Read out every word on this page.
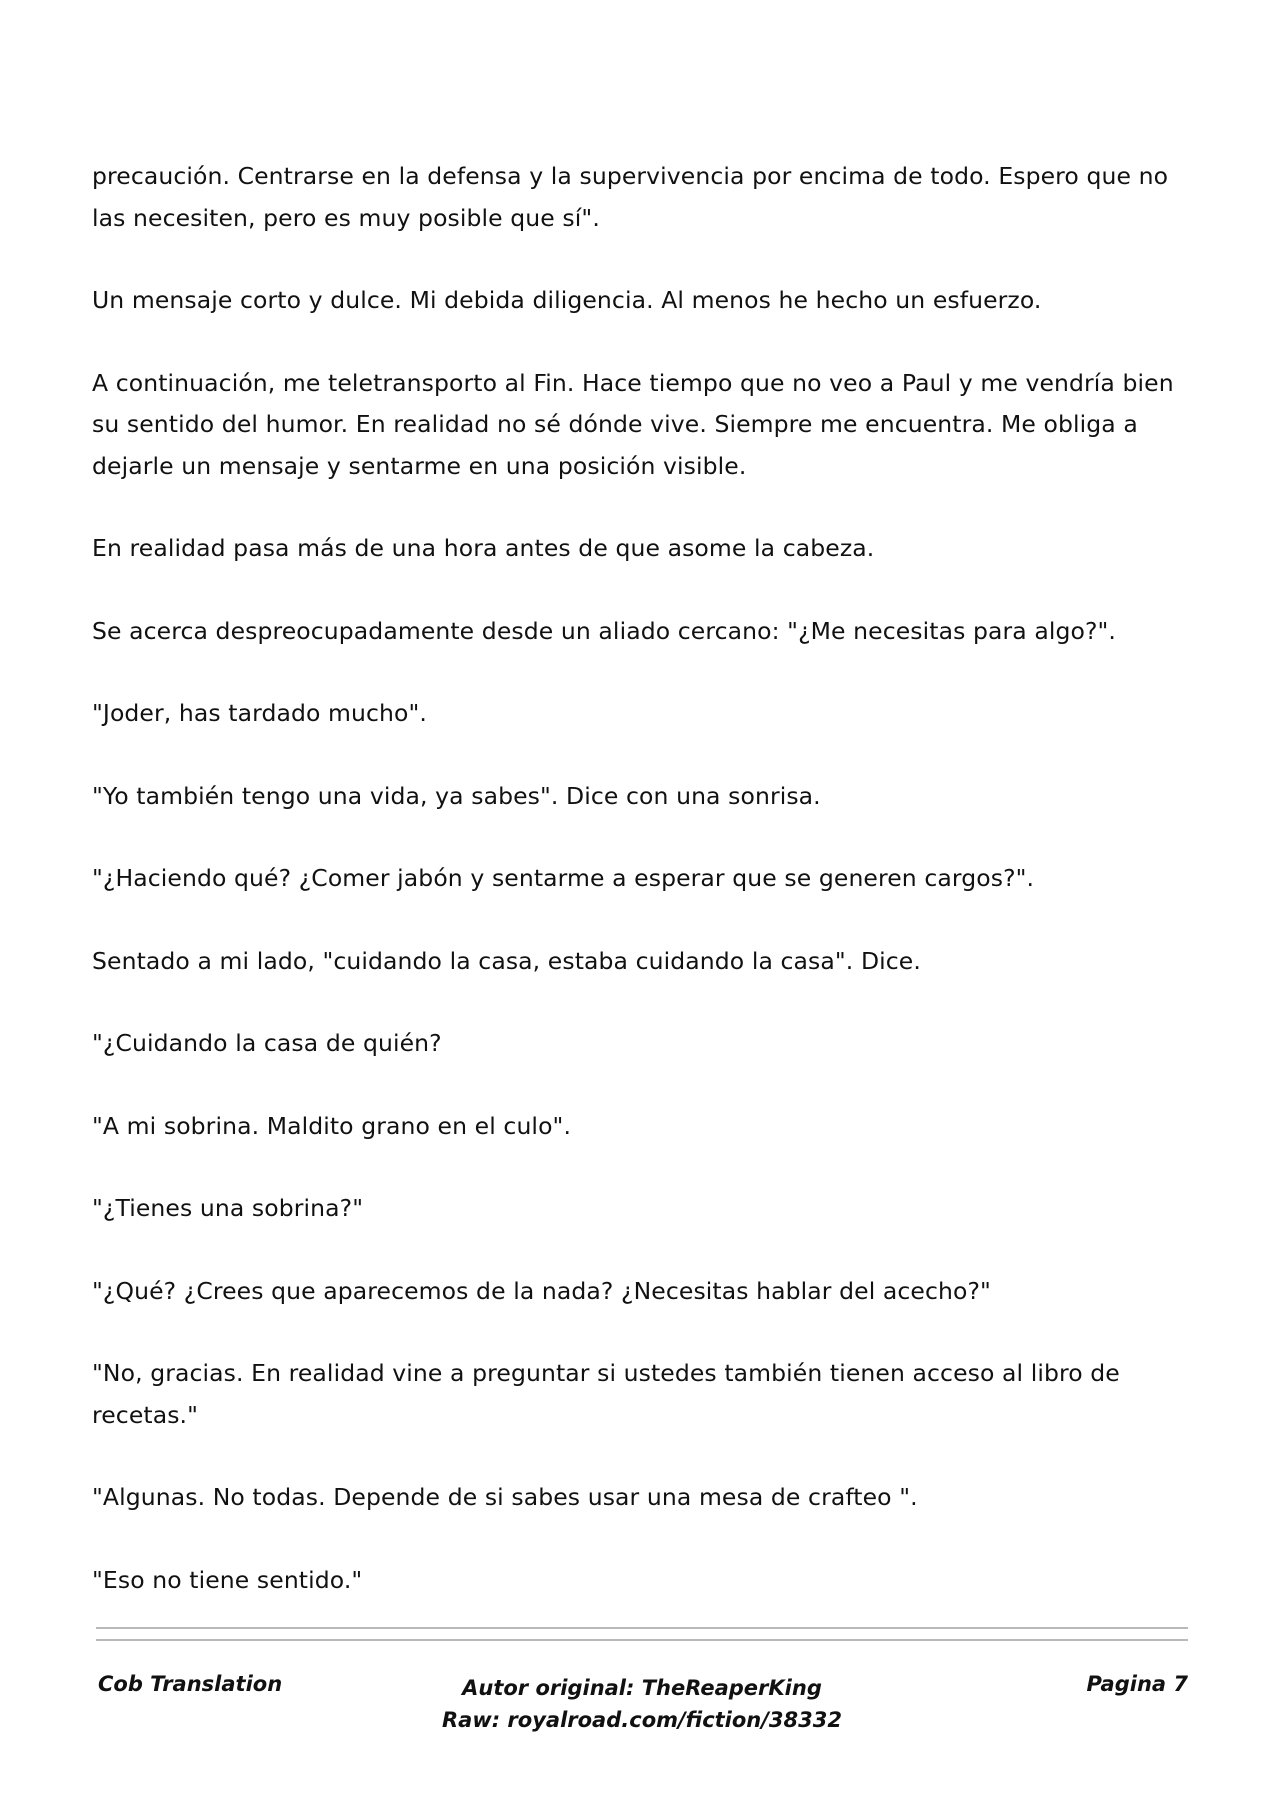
precaución. Centrarse en la defensa y la supervivencia por encima de todo. Espero que no las necesiten, pero es muy posible que sí".

Un mensaje corto y dulce. Mi debida diligencia. Al menos he hecho un esfuerzo.

A continuación, me teletransporto al Fin. Hace tiempo que no veo a Paul y me vendría bien su sentido del humor. En realidad no sé dónde vive. Siempre me encuentra. Me obliga a dejarle un mensaje y sentarme en una posición visible.

En realidad pasa más de una hora antes de que asome la cabeza.

Se acerca despreocupadamente desde un aliado cercano: "¿Me necesitas para algo?".

"Joder, has tardado mucho".

"Yo también tengo una vida, ya sabes". Dice con una sonrisa.

"¿Haciendo qué? ¿Comer jabón y sentarme a esperar que se generen cargos?".

Sentado a mi lado, "cuidando la casa, estaba cuidando la casa". Dice.

"¿Cuidando la casa de quién?

"A mi sobrina. Maldito grano en el culo".

"¿Tienes una sobrina?"

"¿Qué? ¿Crees que aparecemos de la nada? ¿Necesitas hablar del acecho?"

"No, gracias. En realidad vine a preguntar si ustedes también tienen acceso al libro de recetas."

"Algunas. No todas. Depende de si sabes usar una mesa de crafteo ".

"Eso no tiene sentido."

Cob Translation	Autor original: TheReaperKing
Raw: royalroad.com/fiction/38332
Pagina 7
